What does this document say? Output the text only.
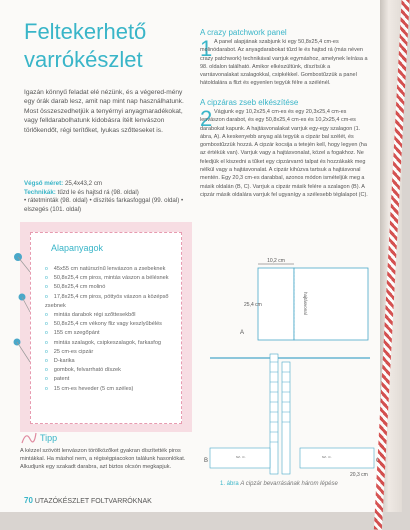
Feltekerhető
varrókészlet
Igazán könnyű feladat elé nézünk, és a végered-mény egy órák darab lesz, amit nap mint nap használhatunk. Most összeszedhetjük a tenyérnyi anyagmaradékokat, vagy felldarabolhatunk kidobásra ítélt lenvászon törlőkendőt, régi terítőket, lyukas szőtteseket is.
Végső méret: 25,4x43,2 cm
Technikák: tűzd le és hajtsd rá (98. oldal)
• rátetminták (98. oldal) • díszítés farkasfoggal (99. oldal) • elszegés (101. oldal)
Alapanyagok
o 45x55 cm natúrszínű lenvászon a zsebeknek
o 50,8x25,4 cm piros, mintás vászon a bélésnek
o 50,8x25,4 cm molinó
o 17,8x25,4 cm piros, pöttyös vászon a középső zsebnek
o mintás darabok régi szőttesekből
o 50,8x25,4 cm vékony fliz vagy keszlyűbélés
o 155 cm szegőpánt
o mintás szalagok, csipkeszalagok, farkasfog
o 25 cm-es cipzár
o D-karika
o gombok, felvarrható díszek
o patent
o 15 cm-es heveder (5 cm széles)
Tipp
A kézzel szövött lenvászon törölközőket gyakran díszítették piros mintákkal. Ha máshol nem, a régiségpiacokon találunk hasonlókat. Alkudjunk egy szakadt darabra, azt biztos olcsón megkapjuk.
70 UTAZÓKÉSZLET FOLTVARRÓKNAK
A crazy patchwork panel
1 A panel alapjának szabjunk ki egy 50,8x25,4 cm-es molinódarabot. Az anyagdarabokat tűzd le és hajtsd rá (más néven crazy patchwork) technikával varrjuk egymáshoz, amelynek leírása a 98. oldalon található. Amikor elkészültünk, díszítsük a varrásvonalakat szalagokkal, csipkékkel. Gombostűzzük a panel hátoldalára a flizt és egyenlen tegyük félre a szélénél.
A cipzáras zseb elkészítése
2 Vágjunk egy 10,2x25,4 cm-es és egy 20,3x25,4 cm-es lenvászon darabot, és egy 50,8x25,4 cm-es és 10,2x25,4 cm-es darabokat kapunk. A hajtásvonalakat varrjuk egy-egy szalagon (1. ábra, A). A keskenyebb anyag alá tegyük a cipzár bal szélét, és gombostűzzük hozzá. A cipzár kocsija a tetején kell, hogy legyen (ha az értékük van). Varrjuk vagy a hajtásvonalat, közel a fogakhoz. Ne feledjük el kiszedni a tűket egy cipzárvarró talpat és hozzákakk meg nélkül vagy a hajtásvonalat. A cipzár kihúzva tartsuk a hajtásvonal mentén. Egy 20,3 cm-es darabbal, azonos módon ismételjük meg a másik oldalán (B, C). Varrjuk a cipzár másik felére a szalagon (B). A cipzár másik oldalára varrjuk fel ugyanígy a szélesebb téglalapot (C).
10,2 cm
25,4 cm	hajtásvonal
A
B
sz. o.	sz. o.
20,3 cm
1. ábra A cipzár bevarrásának három lépése
